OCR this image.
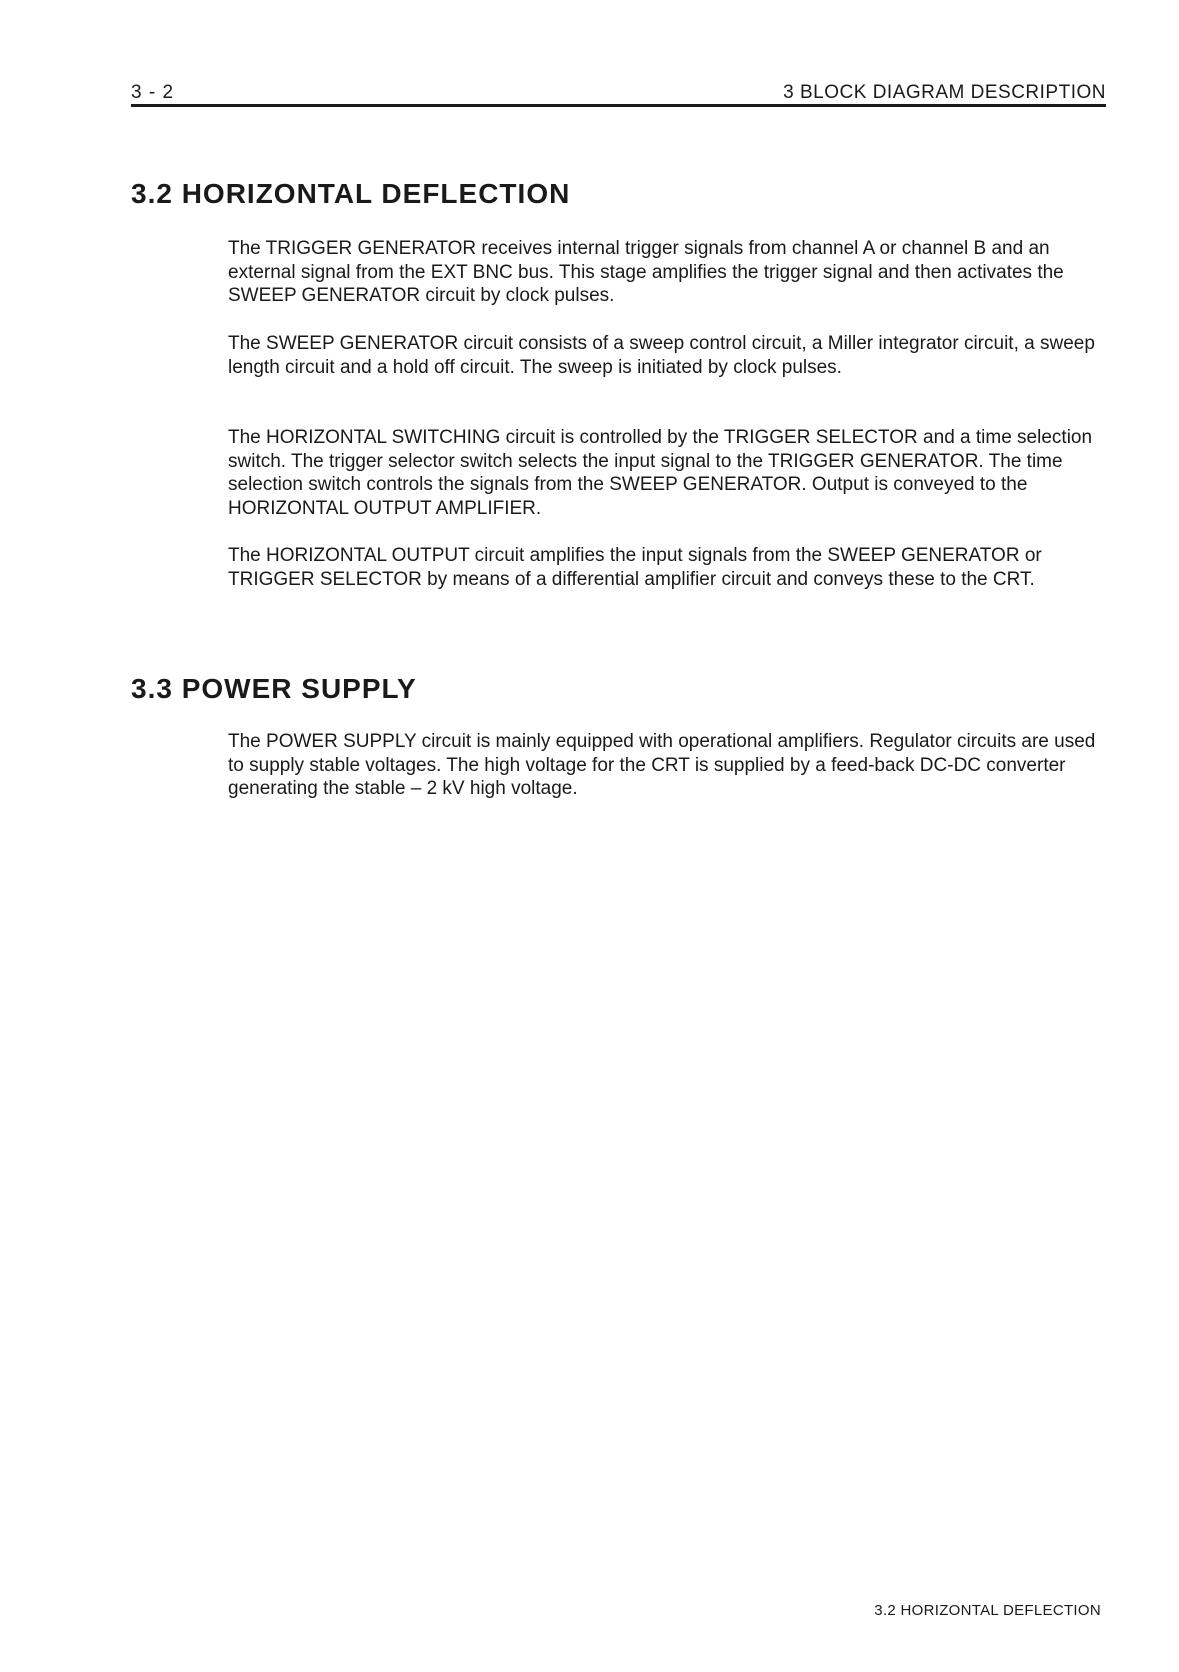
3 - 2	3 BLOCK DIAGRAM DESCRIPTION
3.2 HORIZONTAL DEFLECTION

The TRIGGER GENERATOR receives internal trigger signals from channel A or channel B and an external signal from the EXT BNC bus. This stage amplifies the trigger signal and then activates the SWEEP GENERATOR circuit by clock pulses.

The SWEEP GENERATOR circuit consists of a sweep control circuit, a Miller integrator circuit, a sweep length circuit and a hold off circuit. The sweep is initiated by clock pulses.

The HORIZONTAL SWITCHING circuit is controlled by the TRIGGER SELECTOR and a time selection switch. The trigger selector switch selects the input signal to the TRIGGER GENERATOR. The time selection switch controls the signals from the SWEEP GENERATOR. Output is conveyed to the HORIZONTAL OUTPUT AMPLIFIER.

The HORIZONTAL OUTPUT circuit amplifies the input signals from the SWEEP GENERATOR or TRIGGER SELECTOR by means of a differential amplifier circuit and conveys these to the CRT.

3.3 POWER SUPPLY

The POWER SUPPLY circuit is mainly equipped with operational amplifiers. Regulator circuits are used to supply stable voltages. The high voltage for the CRT is supplied by a feed-back DC-DC converter generating the stable – 2 kV high voltage.

3.2 HORIZONTAL DEFLECTION
